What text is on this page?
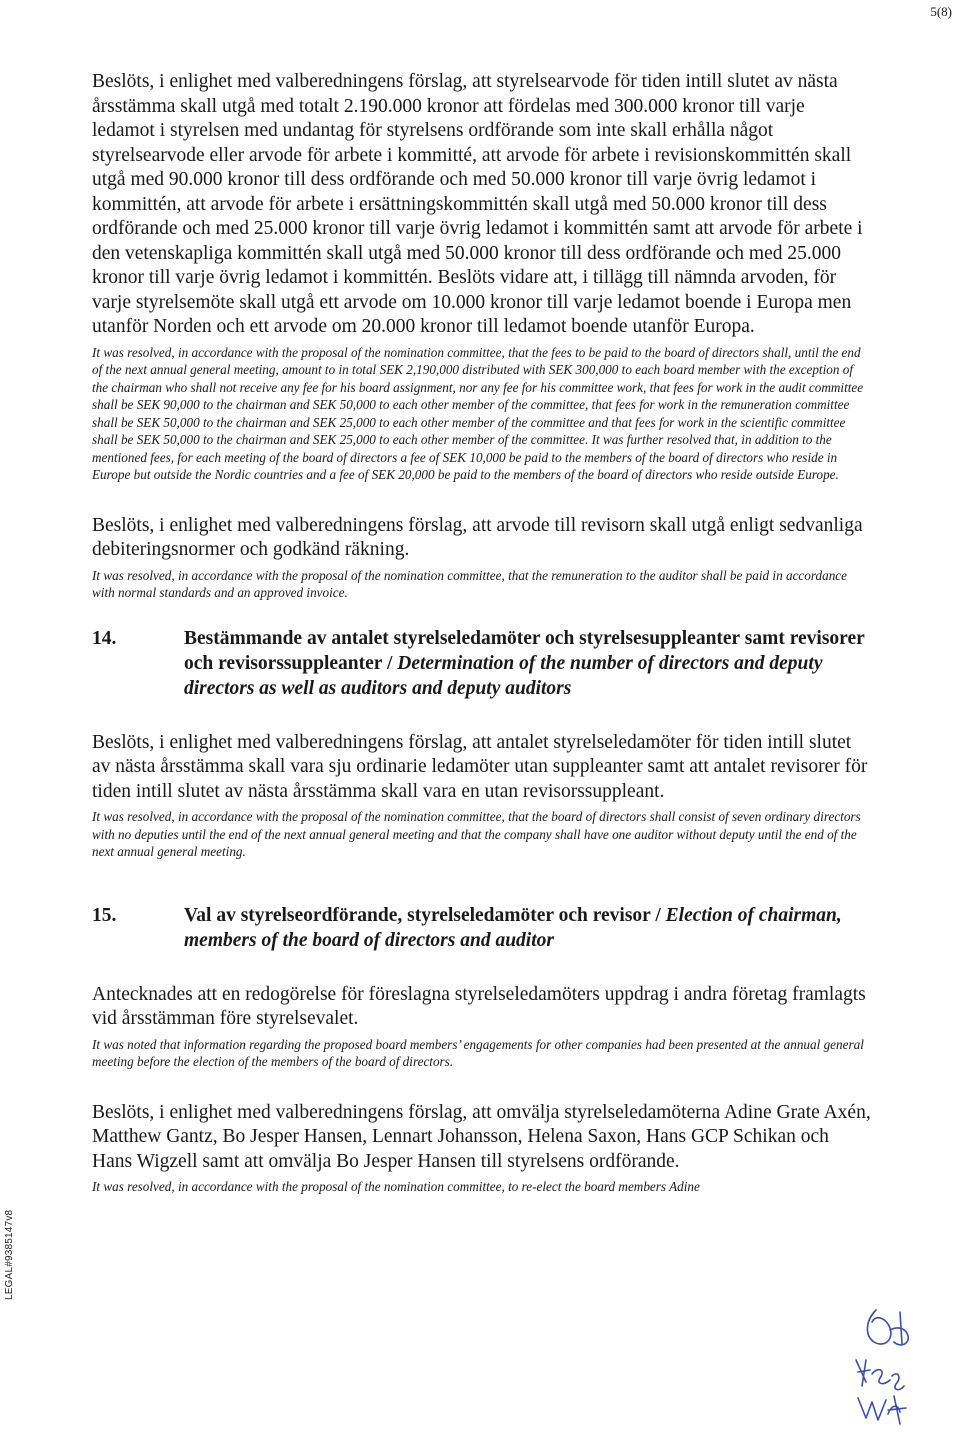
5(8)
LEGAL#9385147v8

Beslöts, i enlighet med valberedningens förslag, att styrelsearvode för tiden intill slutet av nästa årsstämma skall utgå med totalt 2.190.000 kronor att fördelas med 300.000 kronor till varje ledamot i styrelsen med undantag för styrelsens ordförande som inte skall erhålla något styrelsearvode eller arvode för arbete i kommitté, att arvode för arbete i revisionskommittén skall utgå med 90.000 kronor till dess ordförande och med 50.000 kronor till varje övrig ledamot i kommittén, att arvode för arbete i ersättningskommittén skall utgå med 50.000 kronor till dess ordförande och med 25.000 kronor till varje övrig ledamot i kommittén samt att arvode för arbete i den vetenskapliga kommittén skall utgå med 50.000 kronor till dess ordförande och med 25.000 kronor till varje övrig ledamot i kommittén. Beslöts vidare att, i tillägg till nämnda arvoden, för varje styrelsemöte skall utgå ett arvode om 10.000 kronor till varje ledamot boende i Europa men utanför Norden och ett arvode om 20.000 kronor till ledamot boende utanför Europa.

It was resolved, in accordance with the proposal of the nomination committee, that the fees to be paid to the board of directors shall, until the end of the next annual general meeting, amount to in total SEK 2,190,000 distributed with SEK 300,000 to each board member with the exception of the chairman who shall not receive any fee for his board assignment, nor any fee for his committee work, that fees for work in the audit committee shall be SEK 90,000 to the chairman and SEK 50,000 to each other member of the committee, that fees for work in the remuneration committee shall be SEK 50,000 to the chairman and SEK 25,000 to each other member of the committee and that fees for work in the scientific committee shall be SEK 50,000 to the chairman and SEK 25,000 to each other member of the committee. It was further resolved that, in addition to the mentioned fees, for each meeting of the board of directors a fee of SEK 10,000 be paid to the members of the board of directors who reside in Europe but outside the Nordic countries and a fee of SEK 20,000 be paid to the members of the board of directors who reside outside Europe.

Beslöts, i enlighet med valberedningens förslag, att arvode till revisorn skall utgå enligt sedvanliga debiteringsnormer och godkänd räkning.

It was resolved, in accordance with the proposal of the nomination committee, that the remuneration to the auditor shall be paid in accordance with normal standards and an approved invoice.

14.	Bestämmande av antalet styrelseledamöter och styrelsesuppleanter samt revisorer och revisorssuppleanter / Determination of the number of directors and deputy directors as well as auditors and deputy auditors

Beslöts, i enlighet med valberedningens förslag, att antalet styrelseledamöter för tiden intill slutet av nästa årsstämma skall vara sju ordinarie ledamöter utan suppleanter samt att antalet revisorer för tiden intill slutet av nästa årsstämma skall vara en utan revisorssuppleant.

It was resolved, in accordance with the proposal of the nomination committee, that the board of directors shall consist of seven ordinary directors with no deputies until the end of the next annual general meeting and that the company shall have one auditor without deputy until the end of the next annual general meeting.

15.	Val av styrelseordförande, styrelseledamöter och revisor / Election of chairman, members of the board of directors and auditor

Antecknades att en redogörelse för föreslagna styrelseledamöters uppdrag i andra företag framlagts vid årsstämman före styrelsevalet.

It was noted that information regarding the proposed board members’ engagements for other companies had been presented at the annual general meeting before the election of the members of the board of directors.

Beslöts, i enlighet med valberedningens förslag, att omvälja styrelseledamöterna Adine Grate Axén, Matthew Gantz, Bo Jesper Hansen, Lennart Johansson, Helena Saxon, Hans GCP Schikan och Hans Wigzell samt att omvälja Bo Jesper Hansen till styrelsens ordförande.

It was resolved, in accordance with the proposal of the nomination committee, to re-elect the board members Adine
